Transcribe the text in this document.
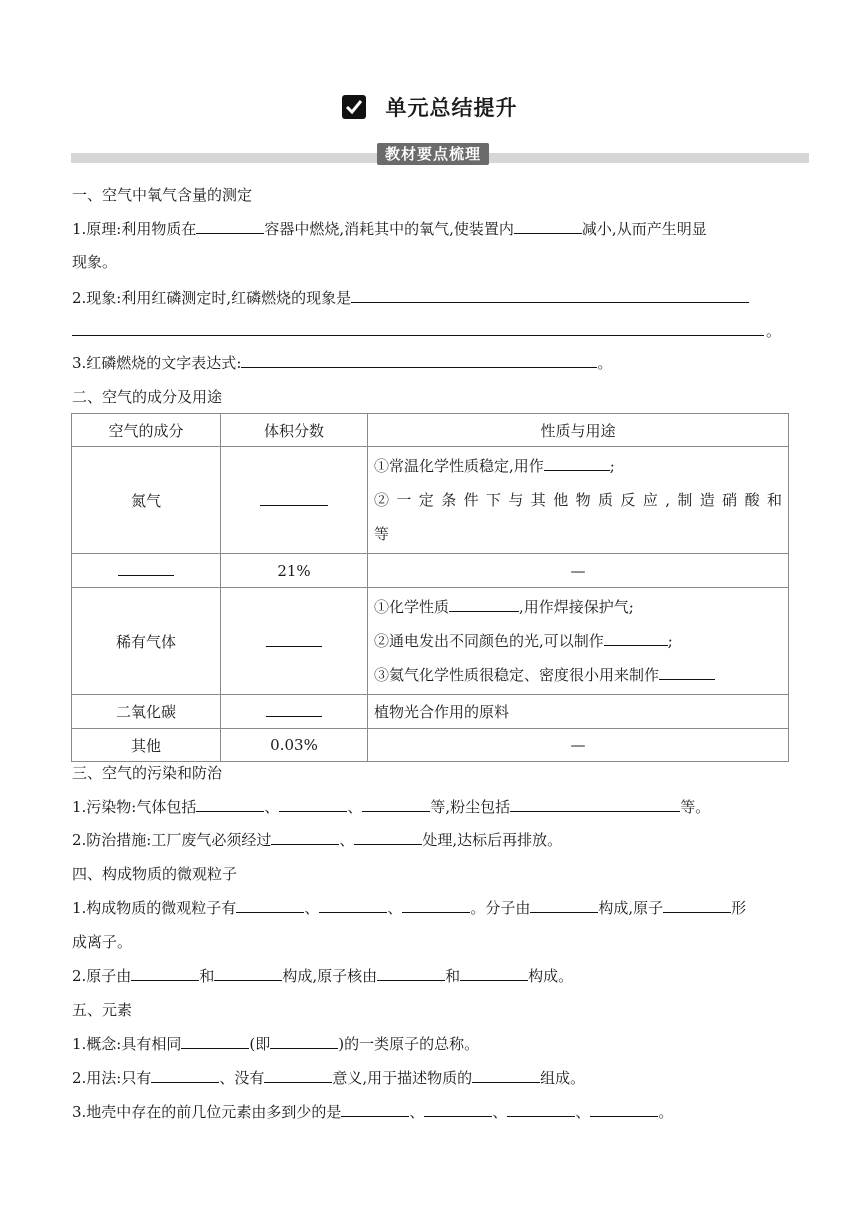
单元总结提升
教材要点梳理
一、空气中氧气含量的测定
1.原理:利用物质在	容器中燃烧,消耗其中的氧气,使装置内	减小,从而产生明显
现象。
2.现象:利用红磷测定时,红磷燃烧的现象是
。
3.红磷燃烧的文字表达式:	。
二、空气的成分及用途
空气的成分	体积分数	性质与用途
氮气		①常温化学性质稳定,用作 ;
②一定条件下与其他物质反应,制造硝酸和
等

	21%	—
稀有气体		①化学性质 ,用作焊接保护气;
②通电发出不同颜色的光,可以制作 ;
③氦气化学性质很稳定、密度很小用来制作

二氧化碳		植物光合作用的原料
其他	0.03%	—
三、空气的污染和防治
1.污染物:气体包括	、	、	等,粉尘包括	等。
2.防治措施:工厂废气必须经过	、	处理,达标后再排放。
四、构成物质的微观粒子
1.构成物质的微观粒子有	、	、	。分子由	构成,原子	形
成离子。
2.原子由	和	构成,原子核由	和	构成。
五、元素
1.概念:具有相同	(即	)的一类原子的总称。
2.用法:只有	、没有	意义,用于描述物质的	组成。
3.地壳中存在的前几位元素由多到少的是	、	、	、	。
